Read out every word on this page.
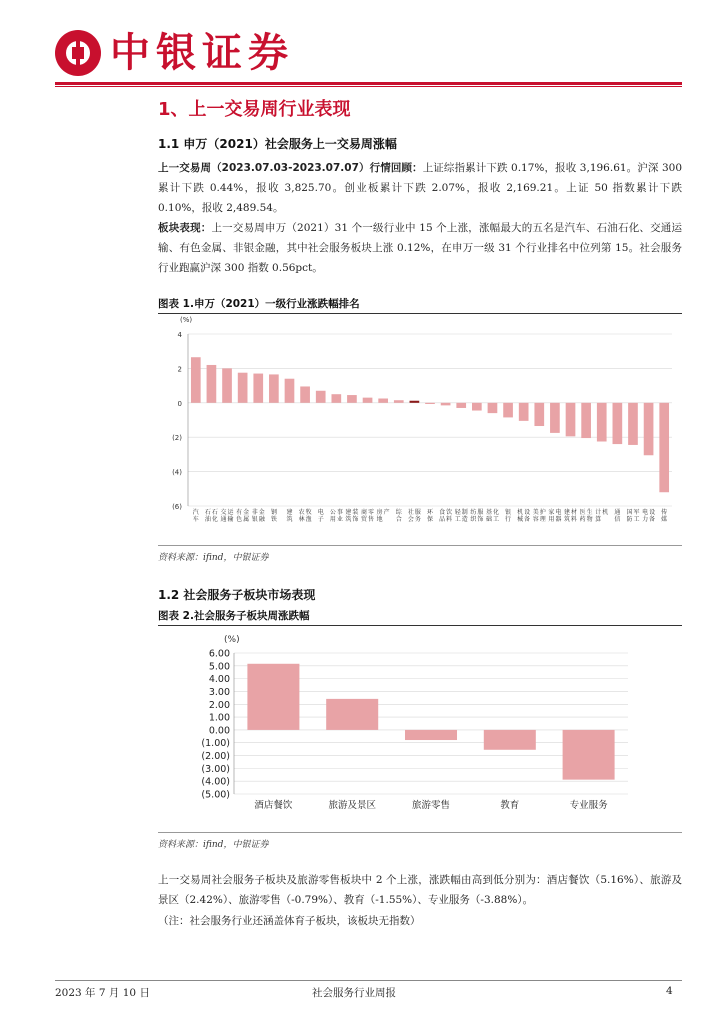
中银证券
1、上一交易周行业表现
1.1 申万（2021）社会服务上一交易周涨幅
上一交易周（2023.07.03-2023.07.07）行情回顾：上证综指累计下跌 0.17%，报收 3,196.61。沪深 300 累计下跌 0.44%，报收 3,825.70。创业板累计下跌 2.07%，报收 2,169.21。上证 50 指数累计下跌 0.10%，报收 2,489.54。
板块表现：上一交易周申万（2021）31 个一级行业中 15 个上涨，涨幅最大的五名是汽车、石油石化、交通运输、有色金属、非银金融，其中社会服务板块上涨 0.12%，在申万一级 31 个行业排名中位列第 15。社会服务行业跑赢沪深 300 指数 0.56pct。
图表 1.申万（2021）一级行业涨跌幅排名
(%)
(6)
(4)
(2)
0
2
4
汽车
石油石化
交通运输
有色金属
非银金融
钢铁
建筑
农林牧渔
电子
公用事业
建筑装饰
商贸零售
房地产 综合
社会服务
环保
食品饮料
轻工制造
纺织服饰
基础化工
银行
机械设备
美容护理
家用电器
建筑材料
医药生物
计算机 通信
国防军工
电力设备
传媒
资料来源：ifind，中银证券
1.2 社会服务子板块市场表现
图表 2.社会服务子板块周涨跌幅
(%)
(5.00)
(4.00)
(3.00)
(2.00)
(1.00)
0.00
1.00
2.00
3.00
4.00
5.00
6.00
酒店餐饮	旅游及景区	旅游零售	教育	专业服务
资料来源：ifind，中银证券
上一交易周社会服务子板块及旅游零售板块中 2 个上涨，涨跌幅由高到低分别为：酒店餐饮（5.16%）、旅游及景区（2.42%）、旅游零售（-0.79%）、教育（-1.55%）、专业服务（-3.88%）。
（注：社会服务行业还涵盖体育子板块，该板块无指数）
2023 年 7 月 10 日	社会服务行业周报	4
